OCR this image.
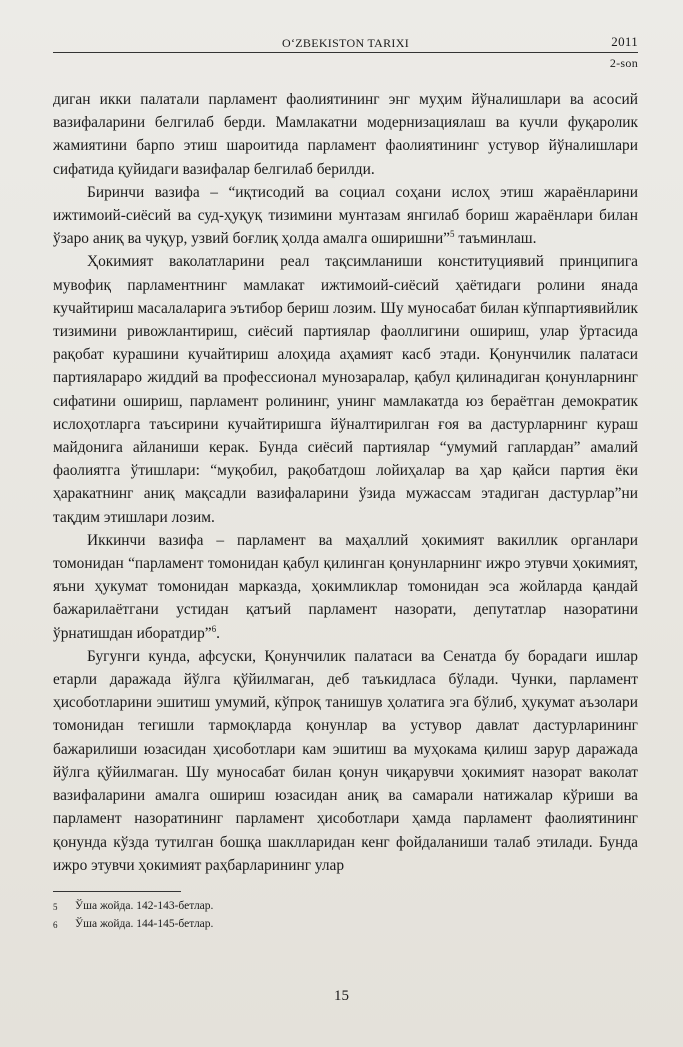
O‘ZBEKISTON TARIXI	2011
2-son

диган икки палатали парламент фаолиятининг энг муҳим йўналишлари ва асосий вазифаларини белгилаб берди. Мамлакатни модернизациялаш ва кучли фуқаролик жамиятини барпо этиш шароитида парламент фаолиятининг устувор йўналишлари сифатида қуйидаги вазифалар белгилаб берилди.

Биринчи вазифа – “иқтисодий ва социал соҳани ислоҳ этиш жараёнларини ижтимоий-сиёсий ва суд-ҳуқуқ тизимини мунтазам янгилаб бориш жараёнлари билан ўзаро аниқ ва чуқур, узвий боғлиқ ҳолда амалга оширишни”$^5$ таъминлаш.

Ҳокимият ваколатларини реал тақсимланиши конституциявий принципига мувофиқ парламентнинг мамлакат ижтимоий-сиёсий ҳаётидаги ролини янада кучайтириш масалаларига эътибор бериш лозим. Шу муносабат билан кўппартиявийлик тизимини ривожлантириш, сиёсий партиялар фаоллигини ошириш, улар ўртасида рақобат курашини кучайтириш алоҳида аҳамият касб этади. Қонунчилик палатаси партияларaро жиддий ва профессионал мунозаралар, қабул қилинадиган қонунларнинг сифатини ошириш, парламент ролининг, унинг мамлакатда юз бераётган демократик ислоҳотларга таъсирини кучайтиришга йўналтирилган ғоя ва дастурларнинг кураш майдонига айланиши керак. Бунда сиёсий партиялар “умумий гаплардан” амалий фаолиятга ўтишлари: “муқобил, рақобатдош лойиҳалар ва ҳар қайси партия ёки ҳаракатнинг аниқ мақсадли вазифаларини ўзида мужассам этадиган дастурлар”ни тақдим этишлари лозим.

Иккинчи вазифа – парламент ва маҳаллий ҳокимият вакиллик органлари томонидан “парламент томонидан қабул қилинган қонунларнинг ижро этувчи ҳокимият, яъни ҳукумат томонидан марказда, ҳокимликлар томонидан эса жойларда қандай бажарилаётгани устидан қатъий парламент назорати, депутатлар назоратини ўрнатишдан иборатдир”$^6$.

Бугунги кунда, афсуски, Қонунчилик палатаси ва Сенатда бу борадаги ишлар етарли даражада йўлга қўйилмаган, деб таъкидласа бўлади. Чунки, парламент ҳисоботларини эшитиш умумий, кўпроқ танишув ҳолатига эга бўлиб, ҳукумат аъзолари томонидан тегишли тармоқларда қонунлар ва устувор давлат дастурларининг бажарилиши юзасидан ҳисоботлари кам эшитиш ва муҳокама қилиш зарур даражада йўлга қўйилмаган. Шу муносабат билан қонун чиқарувчи ҳокимият назорат ваколат вазифаларини амалга ошириш юзасидан аниқ ва самарали натижалар кўриши ва парламент назоратининг парламент ҳисоботлари ҳамда парламент фаолиятининг қонунда кўзда тутилган бошқа шаклларидан кенг фойдаланиши талаб этилади. Бунда ижро этувчи ҳокимият раҳбарларининг улар

5	Ўша жойда. 142-143-бетлар.
6	Ўша жойда. 144-145-бетлар.
15
